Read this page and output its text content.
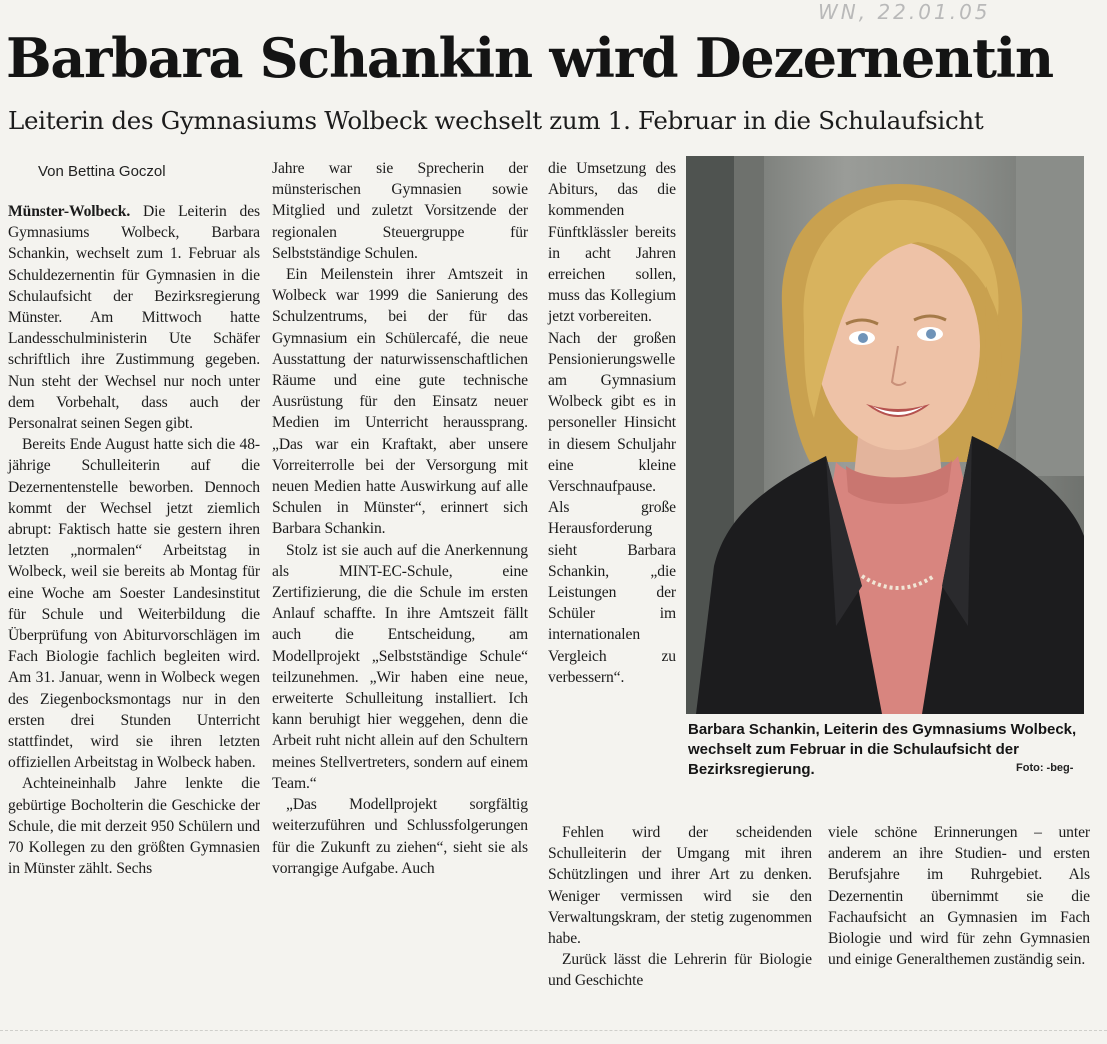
WN, 22.01.05
Barbara Schankin wird Dezernentin
Leiterin des Gymnasiums Wolbeck wechselt zum 1. Februar in die Schulaufsicht
Von Bettina Goczol

Münster-Wolbeck. Die Leiterin des Gymnasiums Wolbeck, Barbara Schankin, wechselt zum 1. Februar als Schuldezernentin für Gymnasien in die Schulaufsicht der Bezirksregierung Münster. Am Mittwoch hatte Landesschulministerin Ute Schäfer schriftlich ihre Zustimmung gegeben. Nun steht der Wechsel nur noch unter dem Vorbehalt, dass auch der Personalrat seinen Segen gibt.

Bereits Ende August hatte sich die 48-jährige Schulleiterin auf die Dezernentenstelle beworben. Dennoch kommt der Wechsel jetzt ziemlich abrupt: Faktisch hatte sie gestern ihren letzten „normalen“ Arbeitstag in Wolbeck, weil sie bereits ab Montag für eine Woche am Soester Landesinstitut für Schule und Weiterbildung die Überprüfung von Abiturvorschlägen im Fach Biologie fachlich begleiten wird. Am 31. Januar, wenn in Wolbeck wegen des Ziegenbocksmontags nur in den ersten drei Stunden Unterricht stattfindet, wird sie ihren letzten offiziellen Arbeitstag in Wolbeck haben.

Achteineinhalb Jahre lenkte die gebürtige Bocholterin die Geschicke der Schule, die mit derzeit 950 Schülern und 70 Kollegen zu den größten Gymnasien in Münster zählt. Sechs

Jahre war sie Sprecherin der münsterischen Gymnasien sowie Mitglied und zuletzt Vorsitzende der regionalen Steuergruppe für Selbstständige Schulen.

Ein Meilenstein ihrer Amtszeit in Wolbeck war 1999 die Sanierung des Schulzentrums, bei der für das Gymnasium ein Schülercafé, die neue Ausstattung der naturwissenschaftlichen Räume und eine gute technische Ausrüstung für den Einsatz neuer Medien im Unterricht heraussprang. „Das war ein Kraftakt, aber unsere Vorreiterrolle bei der Versorgung mit neuen Medien hatte Auswirkung auf alle Schulen in Münster“, erinnert sich Barbara Schankin.

Stolz ist sie auch auf die Anerkennung als MINT-EC-Schule, eine Zertifizierung, die die Schule im ersten Anlauf schaffte. In ihre Amtszeit fällt auch die Entscheidung, am Modellprojekt „Selbstständige Schule“ teilzunehmen. „Wir haben eine neue, erweiterte Schulleitung installiert. Ich kann beruhigt hier weggehen, denn die Arbeit ruht nicht allein auf den Schultern meines Stellvertreters, sondern auf einem Team.“

„Das Modellprojekt sorgfältig weiterzuführen und Schlussfolgerungen für die Zukunft zu ziehen“, sieht sie als vorrangige Aufgabe. Auch

die Umsetzung des Abiturs, das die kommenden Fünftklässler bereits in acht Jahren erreichen sollen, muss das Kollegium jetzt vorbereiten.

Nach der großen Pensionierungswelle am Gymnasium Wolbeck gibt es in personeller Hinsicht in diesem Schuljahr eine kleine Verschnaufpause. Als große Herausforderung sieht Barbara Schankin, „die Leistungen der Schüler im internationalen Vergleich zu verbessern“.

Barbara Schankin, Leiterin des Gymnasiums Wolbeck, wechselt zum Februar in die Schulaufsicht der Bezirksregierung.	Foto: -beg-

Fehlen wird der scheidenden Schulleiterin der Umgang mit ihren Schützlingen und ihrer Art zu denken. Weniger vermissen wird sie den Verwaltungskram, der stetig zugenommen habe.

Zurück lässt die Lehrerin für Biologie und Geschichte

viele schöne Erinnerungen – unter anderem an ihre Studien- und ersten Berufsjahre im Ruhrgebiet. Als Dezernentin übernimmt sie die Fachaufsicht an Gymnasien im Fach Biologie und wird für zehn Gymnasien und einige Generalthemen zuständig sein.
